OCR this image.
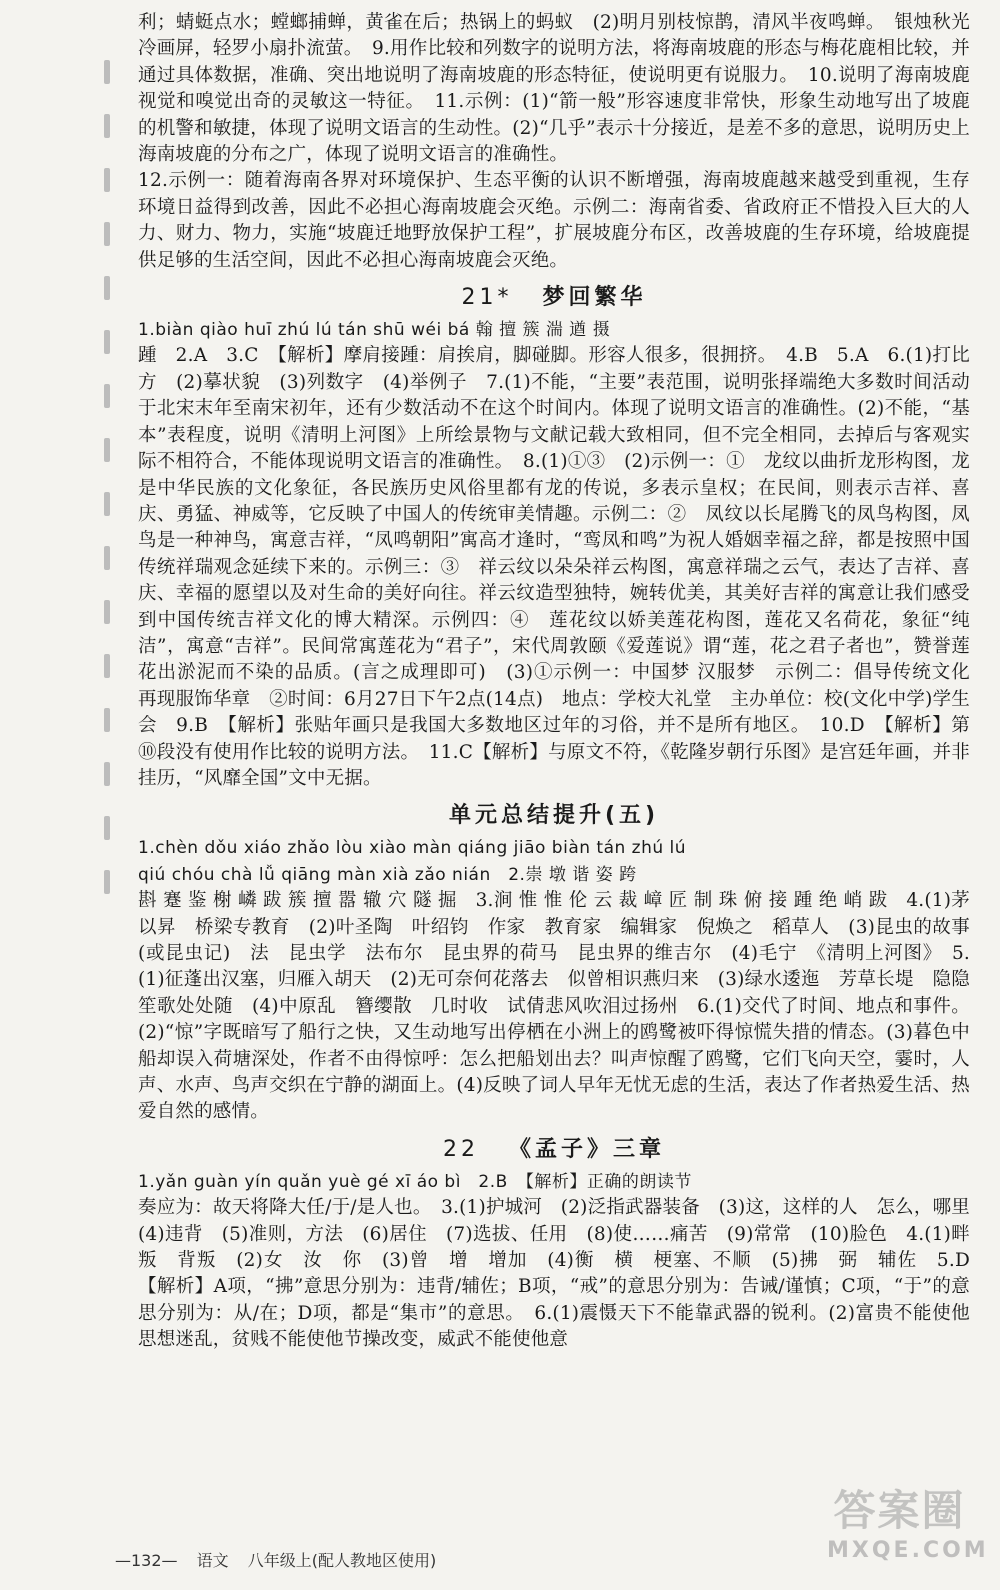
利；蜻蜓点水；螳螂捕蝉，黄雀在后；热锅上的蚂蚁　(2)明月别枝惊鹊，清风半夜鸣蝉。　银烛秋光冷画屏，轻罗小扇扑流萤。　9.用作比较和列数字的说明方法，将海南坡鹿的形态与梅花鹿相比较，并通过具体数据，准确、突出地说明了海南坡鹿的形态特征，使说明更有说服力。　10.说明了海南坡鹿视觉和嗅觉出奇的灵敏这一特征。　11.示例：(1)“箭一般”形容速度非常快，形象生动地写出了坡鹿的机警和敏捷，体现了说明文语言的生动性。(2)“几乎”表示十分接近，是差不多的意思，说明历史上海南坡鹿的分布之广，体现了说明文语言的准确性。

12.示例一：随着海南各界对环境保护、生态平衡的认识不断增强，海南坡鹿越来越受到重视，生存环境日益得到改善，因此不必担心海南坡鹿会灭绝。示例二：海南省委、省政府正不惜投入巨大的人力、财力、物力，实施“坡鹿迁地野放保护工程”，扩展坡鹿分布区，改善坡鹿的生存环境，给坡鹿提供足够的生活空间，因此不必担心海南坡鹿会灭绝。

21* 梦回繁华

1.biàn qiào huī zhú lú tán shū wéi bá 翰 擅 簇 湍 遒 摄

踵　2.A　3.C　【解析】摩肩接踵：肩挨肩，脚碰脚。形容人很多，很拥挤。　4.B　5.A　6.(1)打比方　(2)摹状貌　(3)列数字　(4)举例子　7.(1)不能，“主要”表范围，说明张择端绝大多数时间活动于北宋末年至南宋初年，还有少数活动不在这个时间内。体现了说明文语言的准确性。(2)不能，“基本”表程度，说明《清明上河图》上所绘景物与文献记载大致相同，但不完全相同，去掉后与客观实际不相符合，不能体现说明文语言的准确性。　8.(1)①③　(2)示例一：①　龙纹以曲折龙形构图，龙是中华民族的文化象征，各民族历史风俗里都有龙的传说，多表示皇权；在民间，则表示吉祥、喜庆、勇猛、神威等，它反映了中国人的传统审美情趣。示例二：②　凤纹以长尾腾飞的凤鸟构图，凤鸟是一种神鸟，寓意吉祥，“凤鸣朝阳”寓高才逢时，“鸾凤和鸣”为祝人婚姻幸福之辞，都是按照中国传统祥瑞观念延续下来的。示例三：③　祥云纹以朵朵祥云构图，寓意祥瑞之云气，表达了吉祥、喜庆、幸福的愿望以及对生命的美好向往。祥云纹造型独特，婉转优美，其美好吉祥的寓意让我们感受到中国传统吉祥文化的博大精深。示例四：④　莲花纹以娇美莲花构图，莲花又名荷花，象征“纯洁”，寓意“吉祥”。民间常寓莲花为“君子”，宋代周敦颐《爱莲说》谓“莲，花之君子者也”，赞誉莲花出淤泥而不染的品质。(言之成理即可)　(3)①示例一：中国梦 汉服梦　示例二：倡导传统文化　再现服饰华章　②时间：6月27日下午2点(14点)　地点：学校大礼堂　主办单位：校(文化中学)学生会　9.B　【解析】张贴年画只是我国大多数地区过年的习俗，并不是所有地区。　10.D　【解析】第⑩段没有使用作比较的说明方法。　11.C【解析】与原文不符，《乾隆岁朝行乐图》是宫廷年画，并非挂历，“风靡全国”文中无据。

单元总结提升(五)

1.chèn dǒu xiáo zhǎo lòu xiào màn qiáng jiāo biàn tán zhú lú

qiú chóu chà lǚ qiāng màn xià zǎo nián　2.崇 墩 谐 姿 跨

斟 蹇 鉴 榭 嶙 跋 簇 擅 嚣 辙 穴 隧 掘　3.涧 惟 惟 伦 云 裁 嶂 匠 制 珠 俯 接 踵 绝 峭 跋　4.(1)茅以昇　桥梁专教育　(2)叶圣陶　叶绍钧　作家　教育家　编辑家　倪焕之　稻草人　(3)昆虫的故事(或昆虫记)　法　昆虫学　法布尔　昆虫界的荷马　昆虫界的维吉尔　(4)毛宁　《清明上河图》　5.(1)征蓬出汉塞，归雁入胡天　(2)无可奈何花落去　似曾相识燕归来　(3)绿水逶迤　芳草长堤　隐隐笙歌处处随　(4)中原乱　簪缨散　几时收　试倩悲风吹泪过扬州　6.(1)交代了时间、地点和事件。(2)“惊”字既暗写了船行之快，又生动地写出停栖在小洲上的鸥鹭被吓得惊慌失措的情态。(3)暮色中船却误入荷塘深处，作者不由得惊呼：怎么把船划出去？叫声惊醒了鸥鹭，它们飞向天空，霎时，人声、水声、鸟声交织在宁静的湖面上。(4)反映了词人早年无忧无虑的生活，表达了作者热爱生活、热爱自然的感情。

22 《孟子》三章

1.yǎn guàn yín quǎn yuè gé xī áo bì　2.B　【解析】正确的朗读节

奏应为：故天将降大任/于/是人也。　3.(1)护城河　(2)泛指武器装备　(3)这，这样的人　怎么，哪里　(4)违背　(5)准则，方法　(6)居住　(7)选拔、任用　(8)使……痛苦　(9)常常　(10)脸色　4.(1)畔　叛　背叛　(2)女　汝　你　(3)曾　增　增加　(4)衡　横　梗塞、不顺　(5)拂　弼　辅佐　5.D　【解析】A项，“拂”意思分别为：违背/辅佐；B项，“戒”的意思分别为：告诫/谨慎；C项，“于”的意思分别为：从/在；D项，都是“集市”的意思。　6.(1)震慑天下不能靠武器的锐利。(2)富贵不能使他思想迷乱，贫贱不能使他节操改变，威武不能使他意

—132— 语文 八年级上(配人教地区使用)
答案圈
MXQE.COM
